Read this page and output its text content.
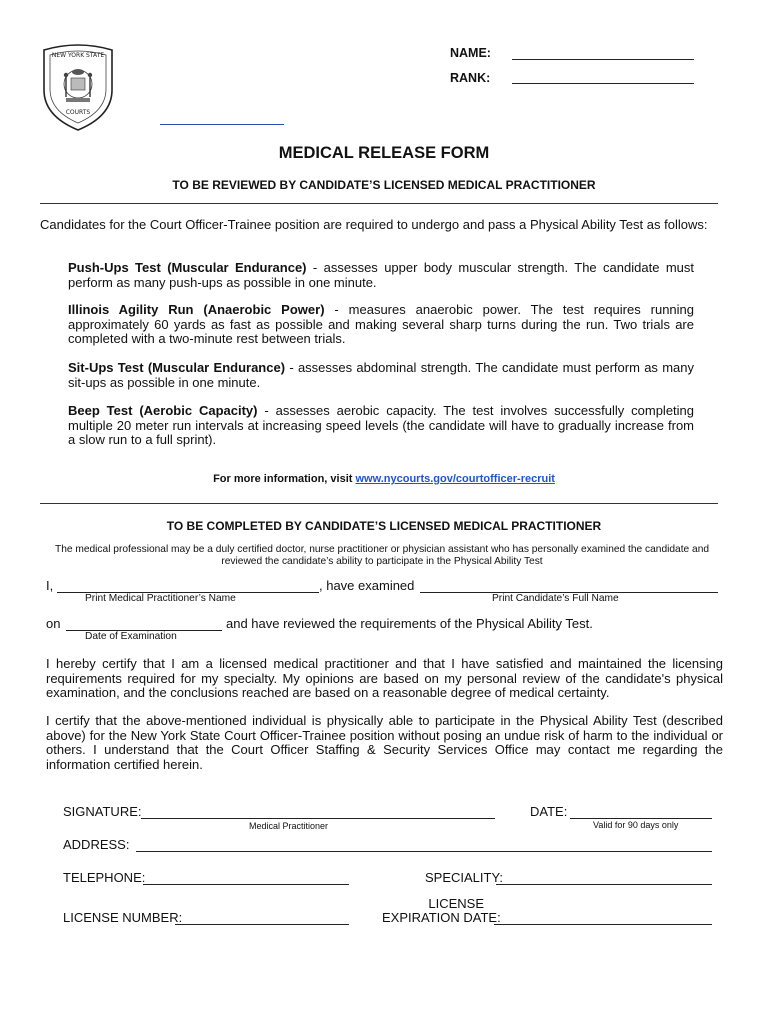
NEW YORK STATE
COURTS
NAME:
RANK:
MEDICAL RELEASE FORM
TO BE REVIEWED BY CANDIDATE’S LICENSED MEDICAL PRACTITIONER
Candidates for the Court Officer-Trainee position are required to undergo and pass a Physical Ability Test as follows:
Push-Ups Test (Muscular Endurance) - assesses upper body muscular strength. The candidate must perform as many push-ups as possible in one minute.
Illinois Agility Run (Anaerobic Power) - measures anaerobic power. The test requires running approximately 60 yards as fast as possible and making several sharp turns during the run. Two trials are completed with a two-minute rest between trials.
Sit-Ups Test (Muscular Endurance) - assesses abdominal strength. The candidate must perform as many sit-ups as possible in one minute.
Beep Test (Aerobic Capacity) - assesses aerobic capacity. The test involves successfully completing multiple 20 meter run intervals at increasing speed levels (the candidate will have to gradually increase from a slow run to a full sprint).
For more information, visit www.nycourts.gov/courtofficer-recruit
TO BE COMPLETED BY CANDIDATE’S LICENSED MEDICAL PRACTITIONER
The medical professional may be a duly certified doctor, nurse practitioner or physician assistant who has personally examined the candidate and reviewed the candidate’s ability to participate in the Physical Ability Test
I,	, have examined
Print Medical Practitioner’s Name	Print Candidate’s Full Name
on	and have reviewed the requirements of the Physical Ability Test.
Date of Examination
I hereby certify that I am a licensed medical practitioner and that I have satisfied and maintained the licensing requirements required for my specialty. My opinions are based on my personal review of the candidate's physical examination, and the conclusions reached are based on a reasonable degree of medical certainty.
I certify that the above-mentioned individual is physically able to participate in the Physical Ability Test (described above) for the New York State Court Officer-Trainee position without posing an undue risk of harm to the individual or others. I understand that the Court Officer Staffing & Security Services Office may contact me regarding the information certified herein.
SIGNATURE:
Medical Practitioner
DATE:
Valid for 90 days only
ADDRESS:
TELEPHONE:	SPECIALITY:
LICENSE NUMBER:
LICENSE
EXPIRATION DATE:
